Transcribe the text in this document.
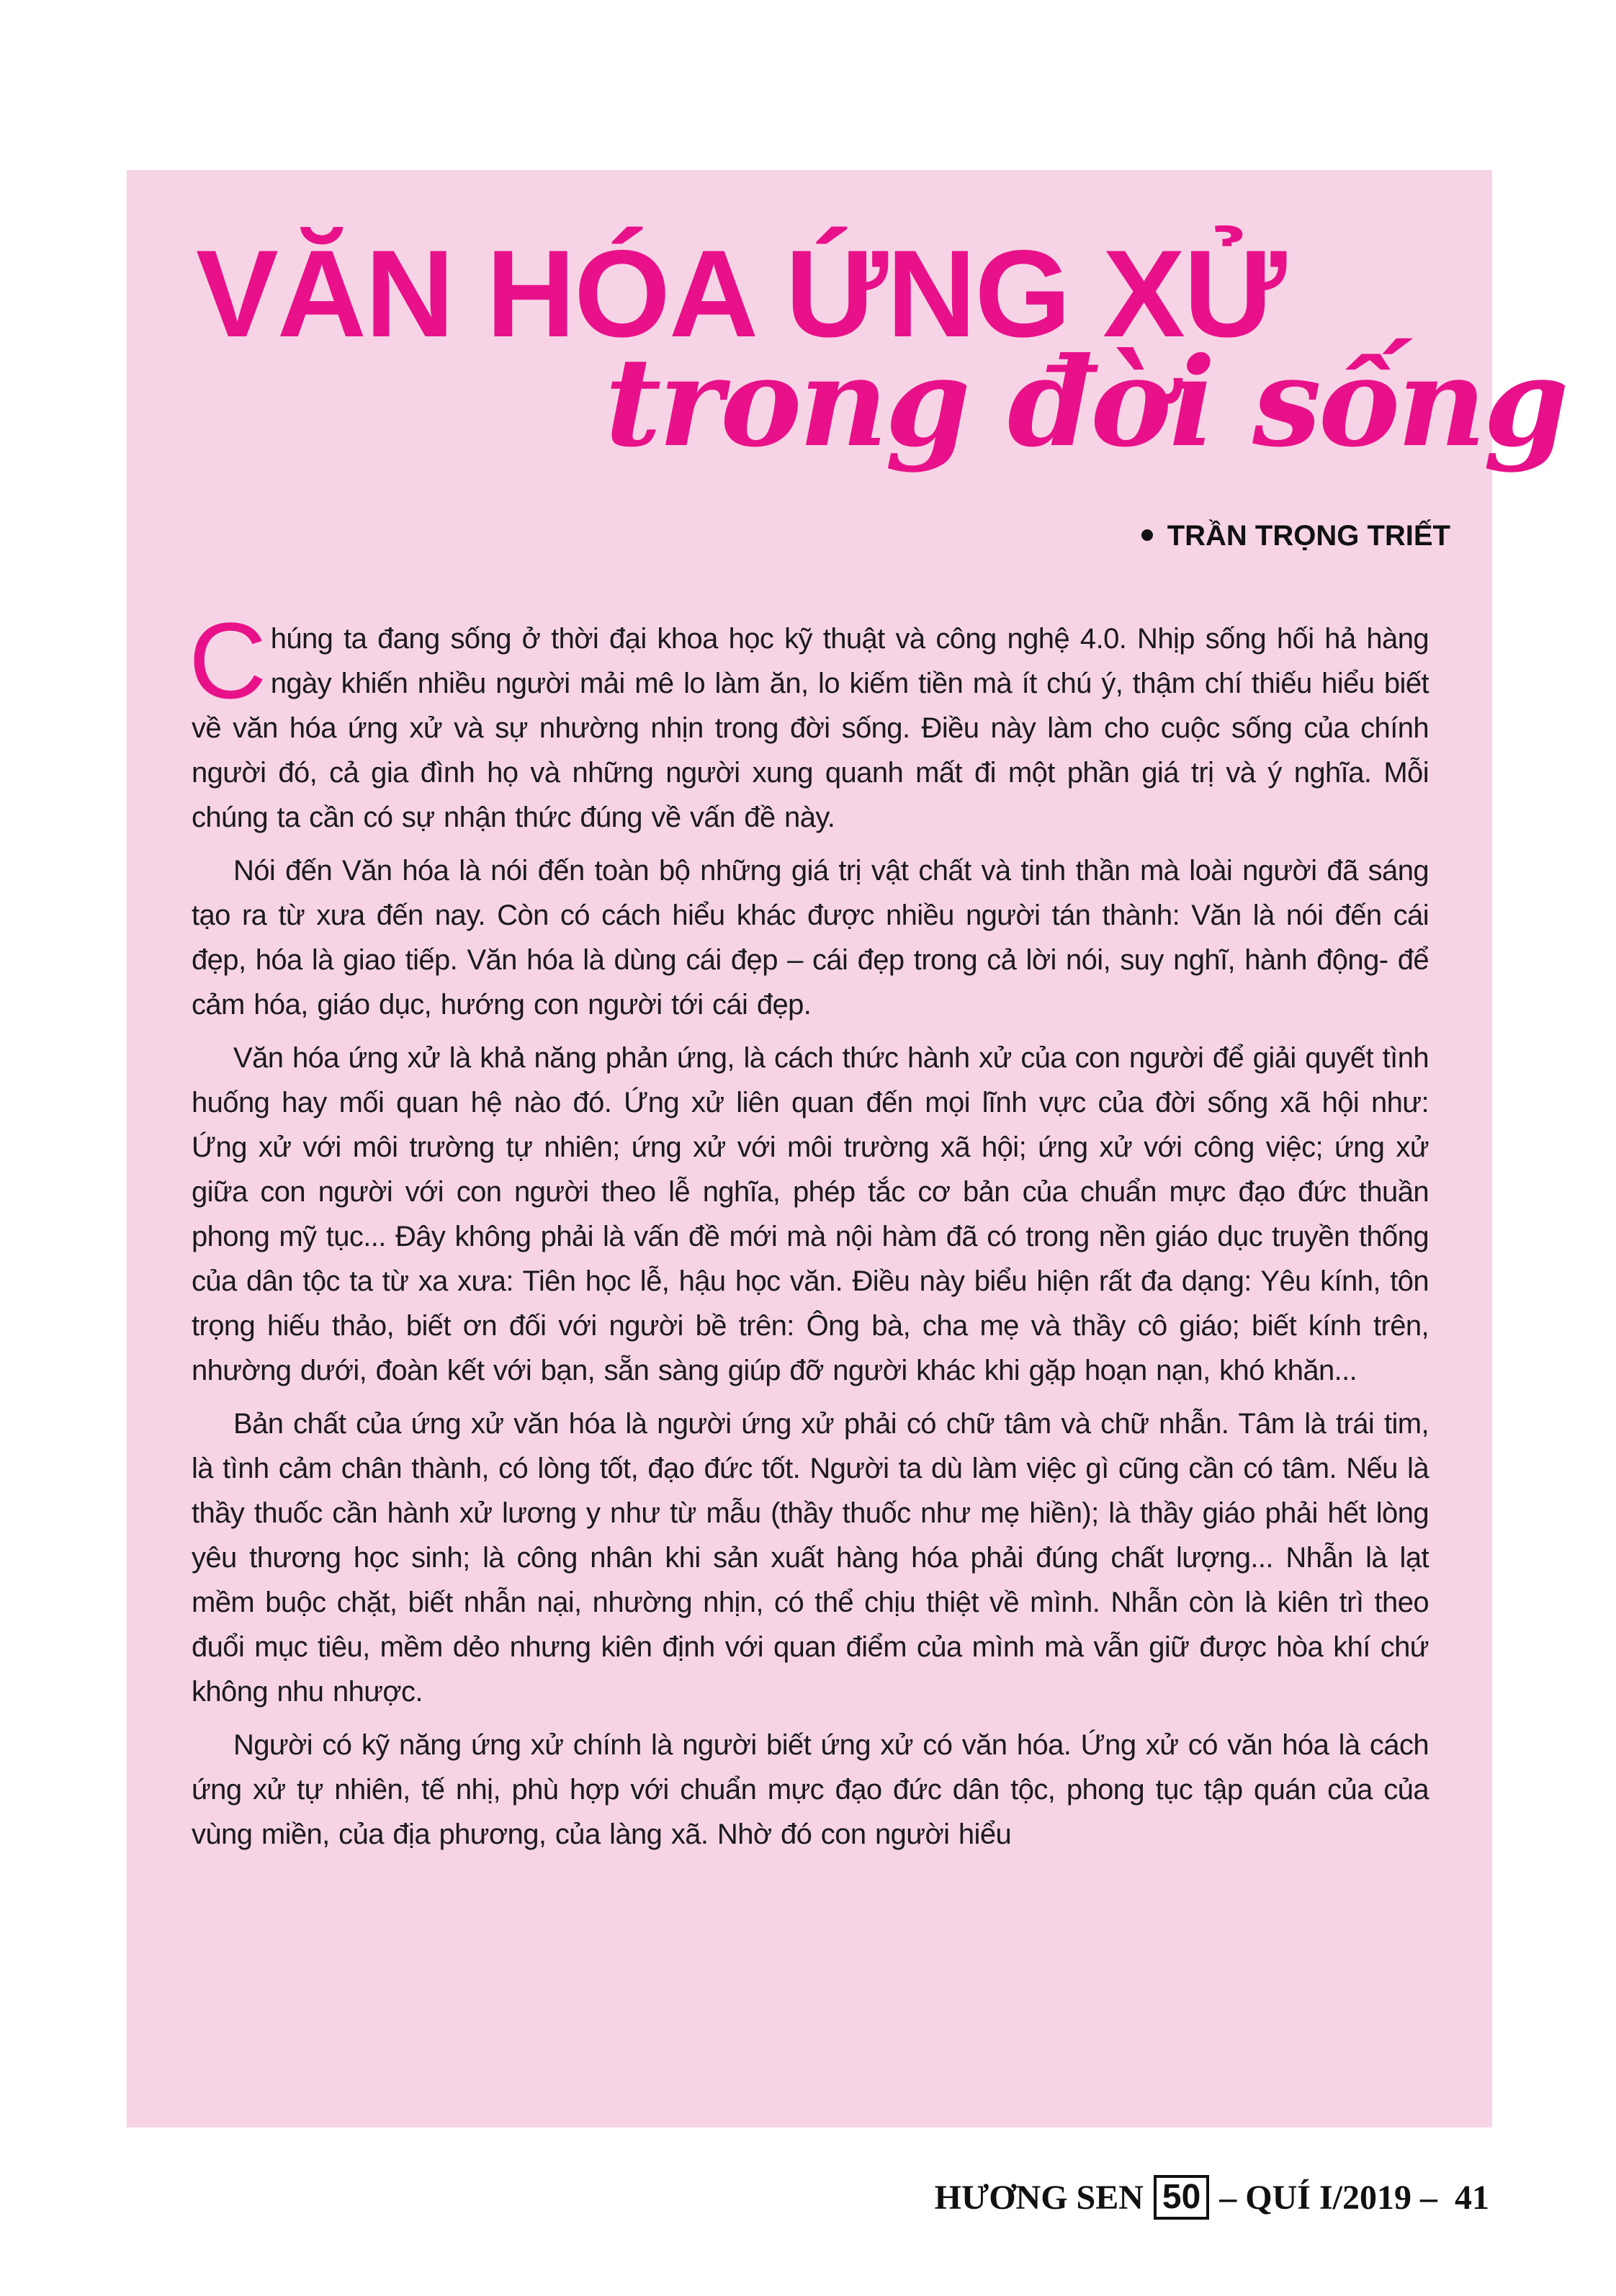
VĂN HÓA ỨNG XỬ
trong đời sống
TRẦN TRỌNG TRIẾT

Chúng ta đang sống ở thời đại khoa học kỹ thuật và công nghệ 4.0. Nhịp sống hối hả hàng ngày khiến nhiều người mải mê lo làm ăn, lo kiếm tiền mà ít chú ý, thậm chí thiếu hiểu biết về văn hóa ứng xử và sự nhường nhịn trong đời sống. Điều này làm cho cuộc sống của chính người đó, cả gia đình họ và những người xung quanh mất đi một phần giá trị và ý nghĩa. Mỗi chúng ta cần có sự nhận thức đúng về vấn đề này.

Nói đến Văn hóa là nói đến toàn bộ những giá trị vật chất và tinh thần mà loài người đã sáng tạo ra từ xưa đến nay. Còn có cách hiểu khác được nhiều người tán thành: Văn là nói đến cái đẹp, hóa là giao tiếp. Văn hóa là dùng cái đẹp – cái đẹp trong cả lời nói, suy nghĩ, hành động- để cảm hóa, giáo dục, hướng con người tới cái đẹp.

Văn hóa ứng xử là khả năng phản ứng, là cách thức hành xử của con người để giải quyết tình huống hay mối quan hệ nào đó. Ứng xử liên quan đến mọi lĩnh vực của đời sống xã hội như: Ứng xử với môi trường tự nhiên; ứng xử với môi trường xã hội; ứng xử với công việc; ứng xử giữa con người với con người theo lễ nghĩa, phép tắc cơ bản của chuẩn mực đạo đức thuần phong mỹ tục... Đây không phải là vấn đề mới mà nội hàm đã có trong nền giáo dục truyền thống của dân tộc ta từ xa xưa: Tiên học lễ, hậu học văn. Điều này biểu hiện rất đa dạng: Yêu kính, tôn trọng hiếu thảo, biết ơn đối với người bề trên: Ông bà, cha mẹ và thầy cô giáo; biết kính trên, nhường dưới, đoàn kết với bạn, sẵn sàng giúp đỡ người khác khi gặp hoạn nạn, khó khăn...

Bản chất của ứng xử văn hóa là người ứng xử phải có chữ tâm và chữ nhẫn. Tâm là trái tim, là tình cảm chân thành, có lòng tốt, đạo đức tốt. Người ta dù làm việc gì cũng cần có tâm. Nếu là thầy thuốc cần hành xử lương y như từ mẫu (thầy thuốc như mẹ hiền); là thầy giáo phải hết lòng yêu thương học sinh; là công nhân khi sản xuất hàng hóa phải đúng chất lượng... Nhẫn là lạt mềm buộc chặt, biết nhẫn nại, nhường nhịn, có thể chịu thiệt về mình. Nhẫn còn là kiên trì theo đuổi mục tiêu, mềm dẻo nhưng kiên định với quan điểm của mình mà vẫn giữ được hòa khí chứ không nhu nhược.

Người có kỹ năng ứng xử chính là người biết ứng xử có văn hóa. Ứng xử có văn hóa là cách ứng xử tự nhiên, tế nhị, phù hợp với chuẩn mực đạo đức dân tộc, phong tục tập quán của của vùng miền, của địa phương, của làng xã. Nhờ đó con người hiểu

HƯƠNG SEN 50 –
QUÍ I/2019
–
41
